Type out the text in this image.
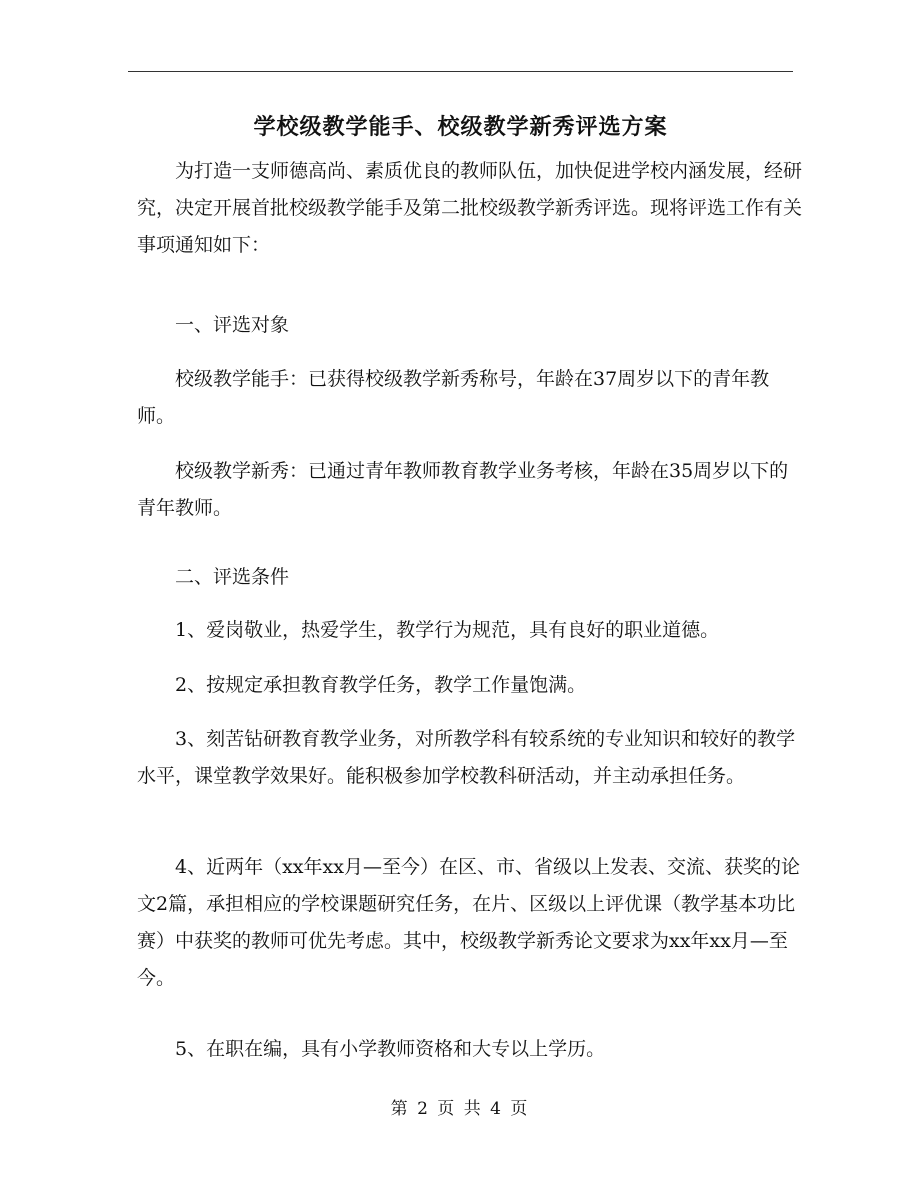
学校级教学能手、校级教学新秀评选方案

为打造一支师德高尚、素质优良的教师队伍，加快促进学校内涵发展，经研究，决定开展首批校级教学能手及第二批校级教学新秀评选。现将评选工作有关事项通知如下：

一、评选对象

校级教学能手：已获得校级教学新秀称号，年龄在37周岁以下的青年教师。

校级教学新秀：已通过青年教师教育教学业务考核，年龄在35周岁以下的青年教师。

二、评选条件

1、爱岗敬业，热爱学生，教学行为规范，具有良好的职业道德。

2、按规定承担教育教学任务，教学工作量饱满。

3、刻苦钻研教育教学业务，对所教学科有较系统的专业知识和较好的教学水平，课堂教学效果好。能积极参加学校教科研活动，并主动承担任务。

4、近两年（xx年xx月—至今）在区、市、省级以上发表、交流、获奖的论文2篇，承担相应的学校课题研究任务，在片、区级以上评优课（教学基本功比赛）中获奖的教师可优先考虑。其中，校级教学新秀论文要求为xx年xx月—至今。

5、在职在编，具有小学教师资格和大专以上学历。

第 2 页 共 4 页
